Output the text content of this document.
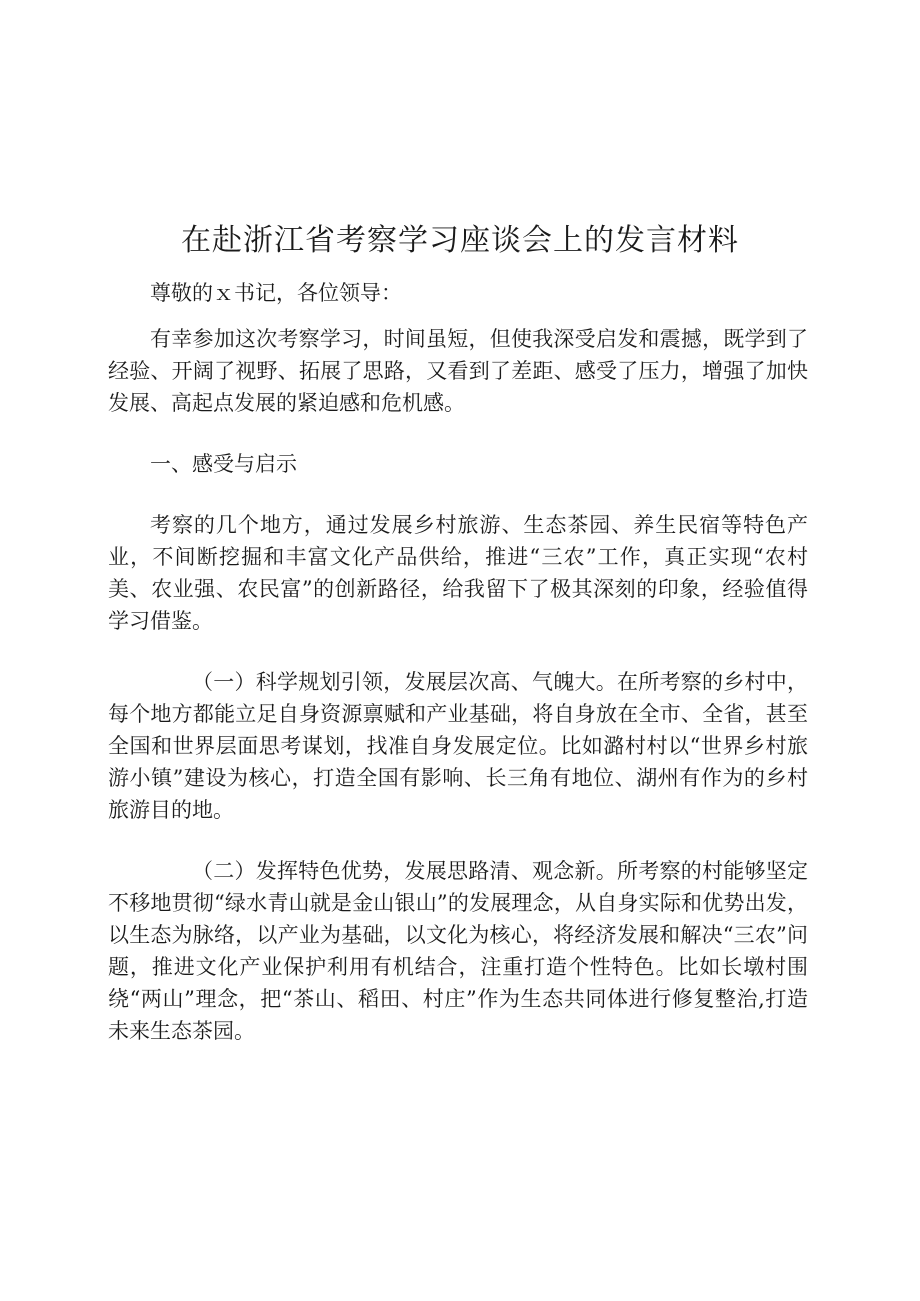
在赴浙江省考察学习座谈会上的发言材料

尊敬的ｘ书记，各位领导：

有幸参加这次考察学习，时间虽短，但使我深受启发和震撼，既学到了经验、开阔了视野、拓展了思路，又看到了差距、感受了压力，增强了加快发展、高起点发展的紧迫感和危机感。

一、感受与启示

考察的几个地方，通过发展乡村旅游、生态茶园、养生民宿等特色产业，不间断挖掘和丰富文化产品供给，推进“三农”工作，真正实现“农村美、农业强、农民富”的创新路径，给我留下了极其深刻的印象，经验值得学习借鉴。

（一）科学规划引领，发展层次高、气魄大。在所考察的乡村中，每个地方都能立足自身资源禀赋和产业基础，将自身放在全市、全省，甚至全国和世界层面思考谋划，找准自身发展定位。比如潞村村以“世界乡村旅游小镇”建设为核心，打造全国有影响、长三角有地位、湖州有作为的乡村旅游目的地。

（二）发挥特色优势，发展思路清、观念新。所考察的村能够坚定不移地贯彻“绿水青山就是金山银山”的发展理念，从自身实际和优势出发，以生态为脉络，以产业为基础，以文化为核心，将经济发展和解决“三农”问题，推进文化产业保护利用有机结合，注重打造个性特色。比如长墩村围绕“两山”理念，把“茶山、稻田、村庄”作为生态共同体进行修复整治,打造未来生态茶园。
